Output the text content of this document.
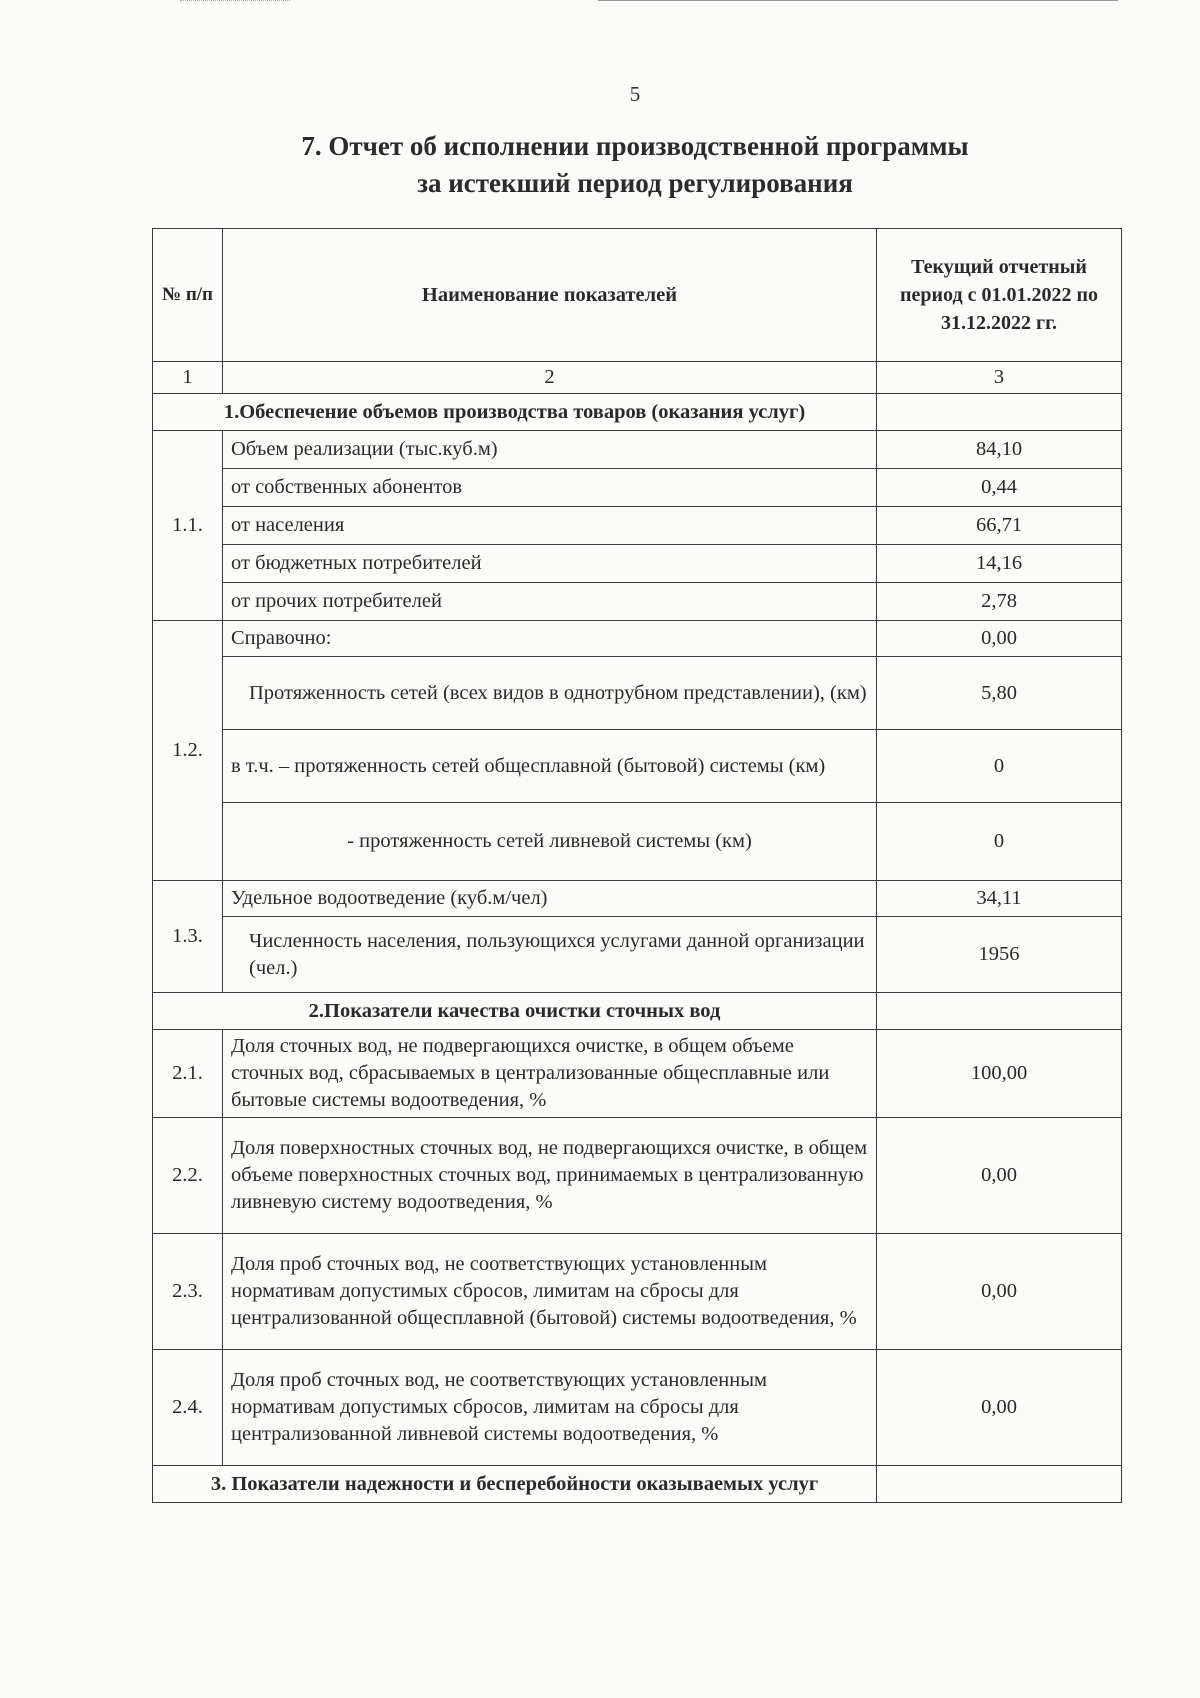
5
7. Отчет об исполнении производственной программы
за истекший период регулирования
№ п/п	Наименование показателей	Текущий отчетный период с 01.01.2022 по 31.12.2022 гг.
1	2	3
1.Обеспечение объемов производства товаров (оказания услуг)		
1.1.	Объем реализации (тыс.куб.м)	84,10
	от собственных абонентов	0,44
	от населения	66,71
	от бюджетных потребителей	14,16
	от прочих потребителей	2,78
1.2.	Справочно:	0,00
	Протяженность сетей (всех видов в однотрубном представлении), (км)	5,80
	в т.ч. – протяженность сетей общесплавной (бытовой) системы (км)	0
	- протяженность сетей ливневой системы (км)	0
1.3.	Удельное водоотведение (куб.м/чел)	34,11
	Численность населения, пользующихся услугами данной организации (чел.)	1956
2.Показатели качества очистки сточных вод		
2.1.	Доля сточных вод, не подвергающихся очистке, в общем объеме сточных вод, сбрасываемых в централизованные общесплавные или бытовые системы водоотведения, %	100,00
2.2.	Доля поверхностных сточных вод, не подвергающихся очистке, в общем объеме поверхностных сточных вод, принимаемых в централизованную ливневую систему водоотведения, %	0,00
2.3.	Доля проб сточных вод, не соответствующих установленным нормативам допустимых сбросов, лимитам на сбросы для централизованной общесплавной (бытовой) системы водоотведения, %	0,00
2.4.	Доля проб сточных вод, не соответствующих установленным нормативам допустимых сбросов, лимитам на сбросы для централизованной ливневой системы водоотведения, %	0,00
3. Показатели надежности и бесперебойности оказываемых услуг		
